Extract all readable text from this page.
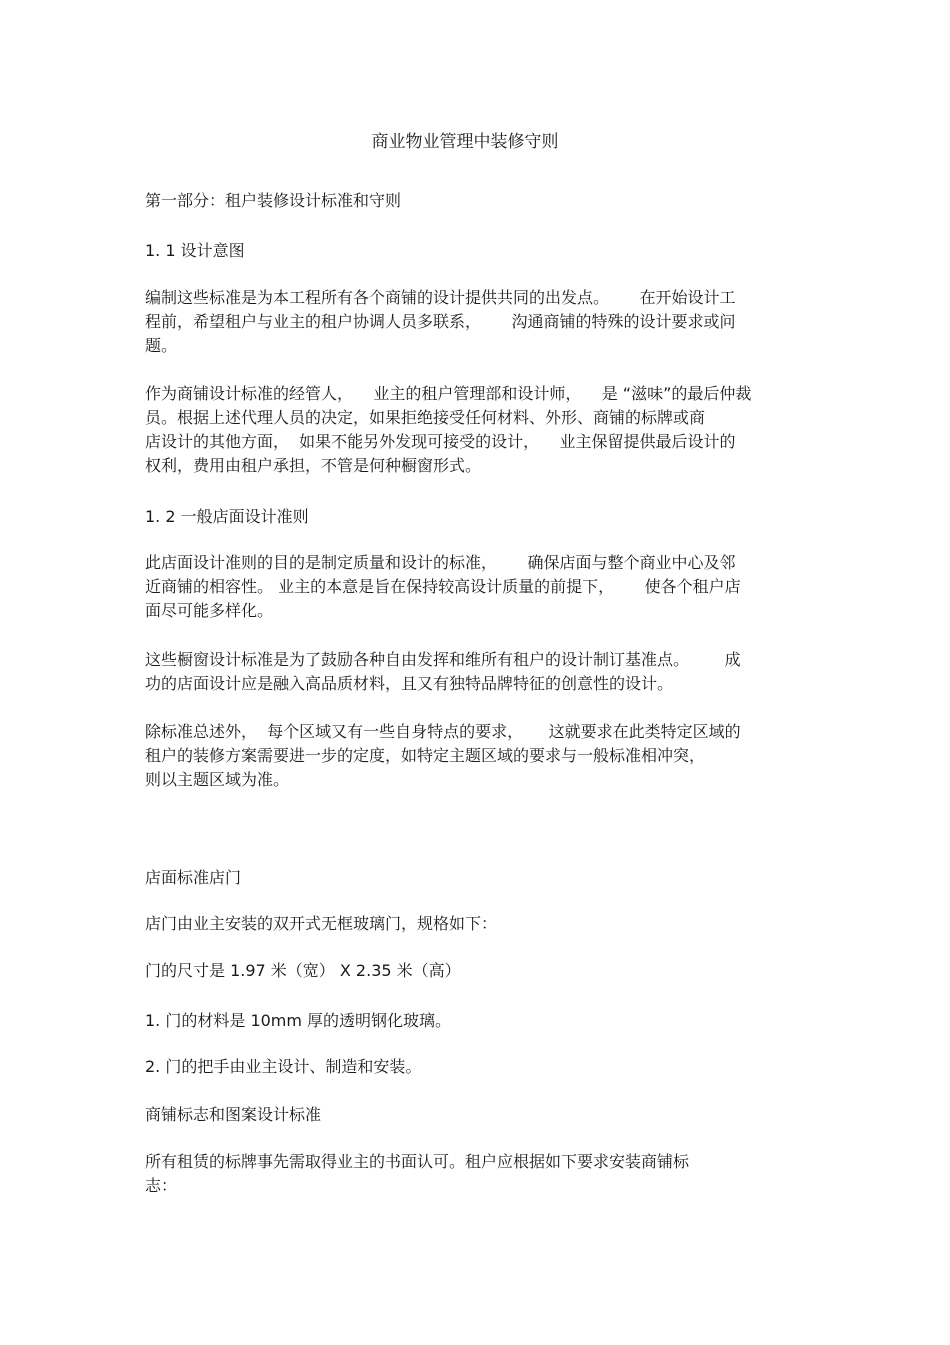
商业物业管理中装修守则
第一部分：租户装修设计标准和守则
1. 1 设计意图
编制这些标准是为本工程所有各个商铺的设计提供共同的出发点。      在开始设计工
程前，希望租户与业主的租户协调人员多联系，      沟通商铺的特殊的设计要求或问
题。
作为商铺设计标准的经管人，    业主的租户管理部和设计师，    是 “滋味”的最后仲裁
员。根据上述代理人员的决定，如果拒绝接受任何材料、外形、商铺的标牌或商
店设计的其他方面，  如果不能另外发现可接受的设计，    业主保留提供最后设计的
权利，费用由租户承担，不管是何种橱窗形式。
1. 2 一般店面设计准则
此店面设计准则的目的是制定质量和设计的标准，      确保店面与整个商业中心及邻
近商铺的相容性。 业主的本意是旨在保持较高设计质量的前提下，      使各个租户店
面尽可能多样化。
这些橱窗设计标准是为了鼓励各种自由发挥和维所有租户的设计制订基准点。       成
功的店面设计应是融入高品质材料，且又有独特品牌特征的创意性的设计。
除标准总述外，  每个区域又有一些自身特点的要求，     这就要求在此类特定区域的
租户的装修方案需要进一步的定度，如特定主题区域的要求与一般标准相冲突，
则以主题区域为准。
店面标准店门
店门由业主安装的双开式无框玻璃门，规格如下：
门的尺寸是 1.97 米（宽） X 2.35 米（高）
1. 门的材料是 10mm 厚的透明钢化玻璃。
2. 门的把手由业主设计、制造和安装。
商铺标志和图案设计标准
所有租赁的标牌事先需取得业主的书面认可。租户应根据如下要求安装商铺标
志：
